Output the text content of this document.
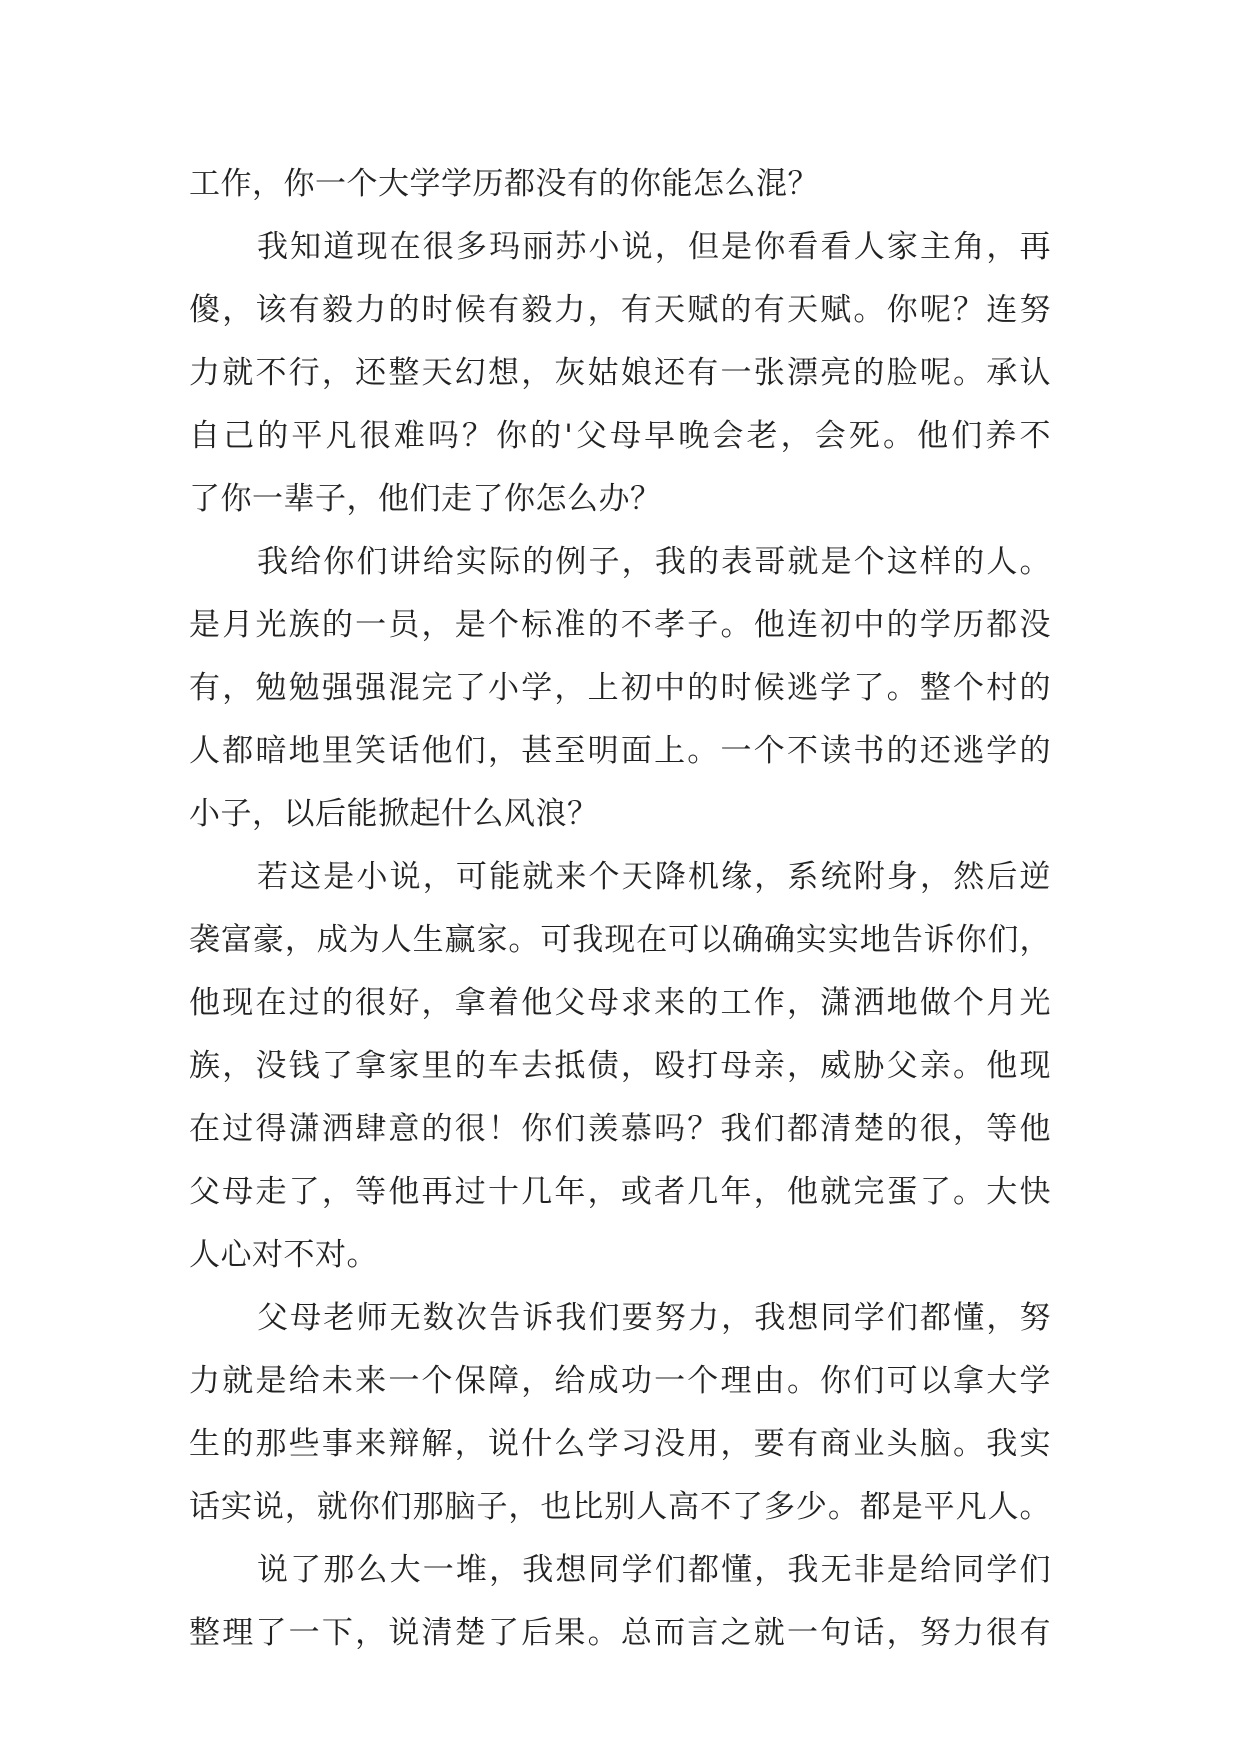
工作，你一个大学学历都没有的你能怎么混？
我知道现在很多玛丽苏小说，但是你看看人家主角，再
傻，该有毅力的时候有毅力，有天赋的有天赋。你呢？连努
力就不行，还整天幻想，灰姑娘还有一张漂亮的脸呢。承认
自己的平凡很难吗？你的'父母早晚会老，会死。他们养不
了你一辈子，他们走了你怎么办？
我给你们讲给实际的例子，我的表哥就是个这样的人。
是月光族的一员，是个标准的不孝子。他连初中的学历都没
有，勉勉强强混完了小学，上初中的时候逃学了。整个村的
人都暗地里笑话他们，甚至明面上。一个不读书的还逃学的
小子，以后能掀起什么风浪？
若这是小说，可能就来个天降机缘，系统附身，然后逆
袭富豪，成为人生赢家。可我现在可以确确实实地告诉你们，
他现在过的很好，拿着他父母求来的工作，潇洒地做个月光
族，没钱了拿家里的车去抵债，殴打母亲，威胁父亲。他现
在过得潇洒肆意的很！你们羡慕吗？我们都清楚的很，等他
父母走了，等他再过十几年，或者几年，他就完蛋了。大快
人心对不对。
父母老师无数次告诉我们要努力，我想同学们都懂，努
力就是给未来一个保障，给成功一个理由。你们可以拿大学
生的那些事来辩解，说什么学习没用，要有商业头脑。我实
话实说，就你们那脑子，也比别人高不了多少。都是平凡人。
说了那么大一堆，我想同学们都懂，我无非是给同学们
整理了一下，说清楚了后果。总而言之就一句话，努力很有
